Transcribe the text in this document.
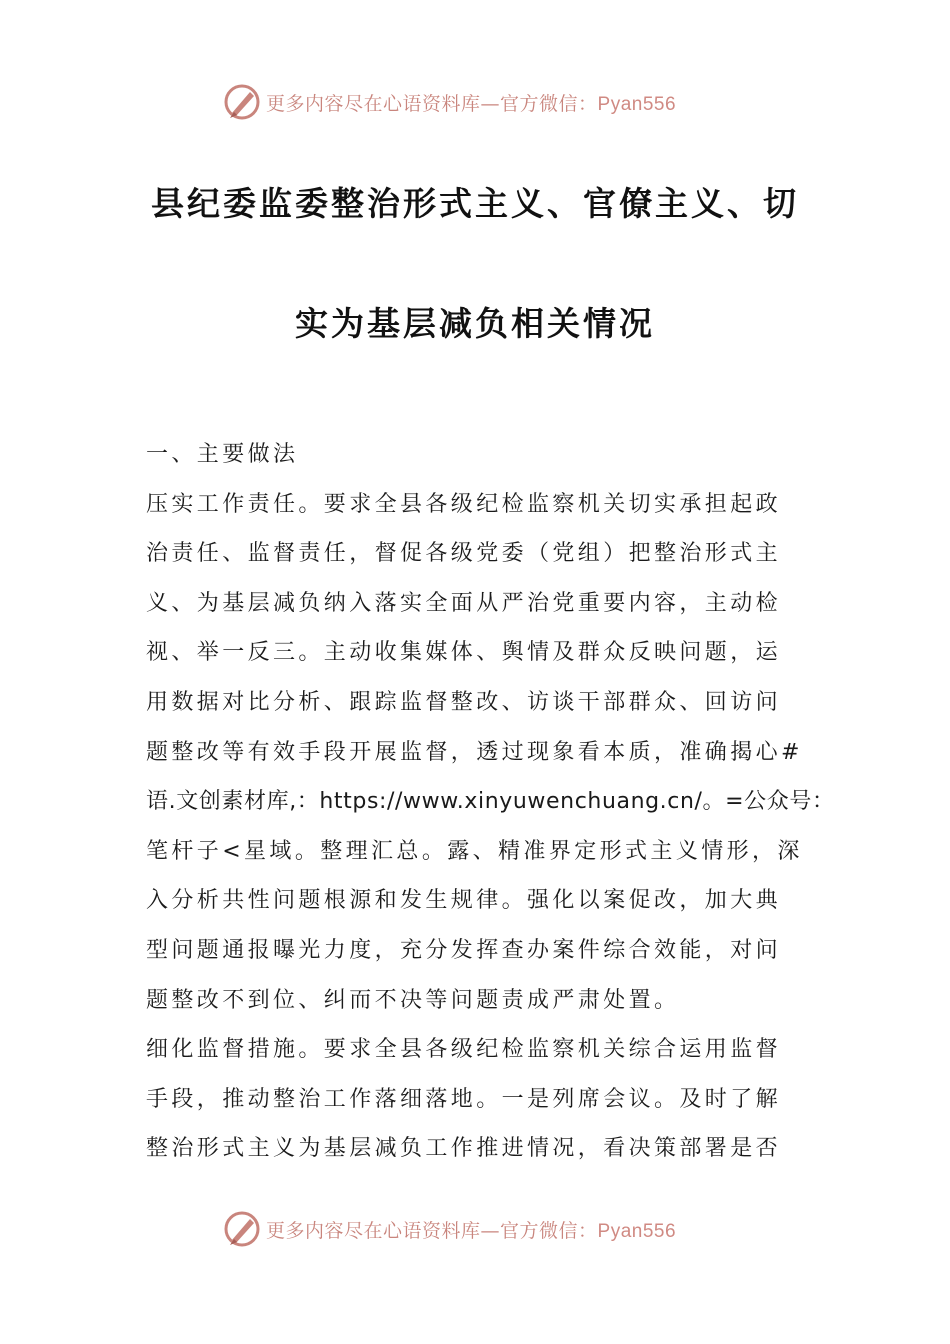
更多内容尽在心语资料库—官方微信：Pyan556
县纪委监委整治形式主义、官僚主义、切
实为基层减负相关情况
一、主要做法
压实工作责任。要求全县各级纪检监察机关切实承担起政
治责任、监督责任，督促各级党委（党组）把整治形式主
义、为基层减负纳入落实全面从严治党重要内容，主动检
视、举一反三。主动收集媒体、舆情及群众反映问题，运
用数据对比分析、跟踪监督整改、访谈干部群众、回访问
题整改等有效手段开展监督，透过现象看本质，准确揭心#
语.文创素材库,：https://www.xinyuwenchuang.cn/。=公众号：
笔杆子<星域。整理汇总。露、精准界定形式主义情形，深
入分析共性问题根源和发生规律。强化以案促改，加大典
型问题通报曝光力度，充分发挥查办案件综合效能，对问
题整改不到位、纠而不决等问题责成严肃处置。
细化监督措施。要求全县各级纪检监察机关综合运用监督
手段，推动整治工作落细落地。一是列席会议。及时了解
整治形式主义为基层减负工作推进情况，看决策部署是否
更多内容尽在心语资料库—官方微信：Pyan556
